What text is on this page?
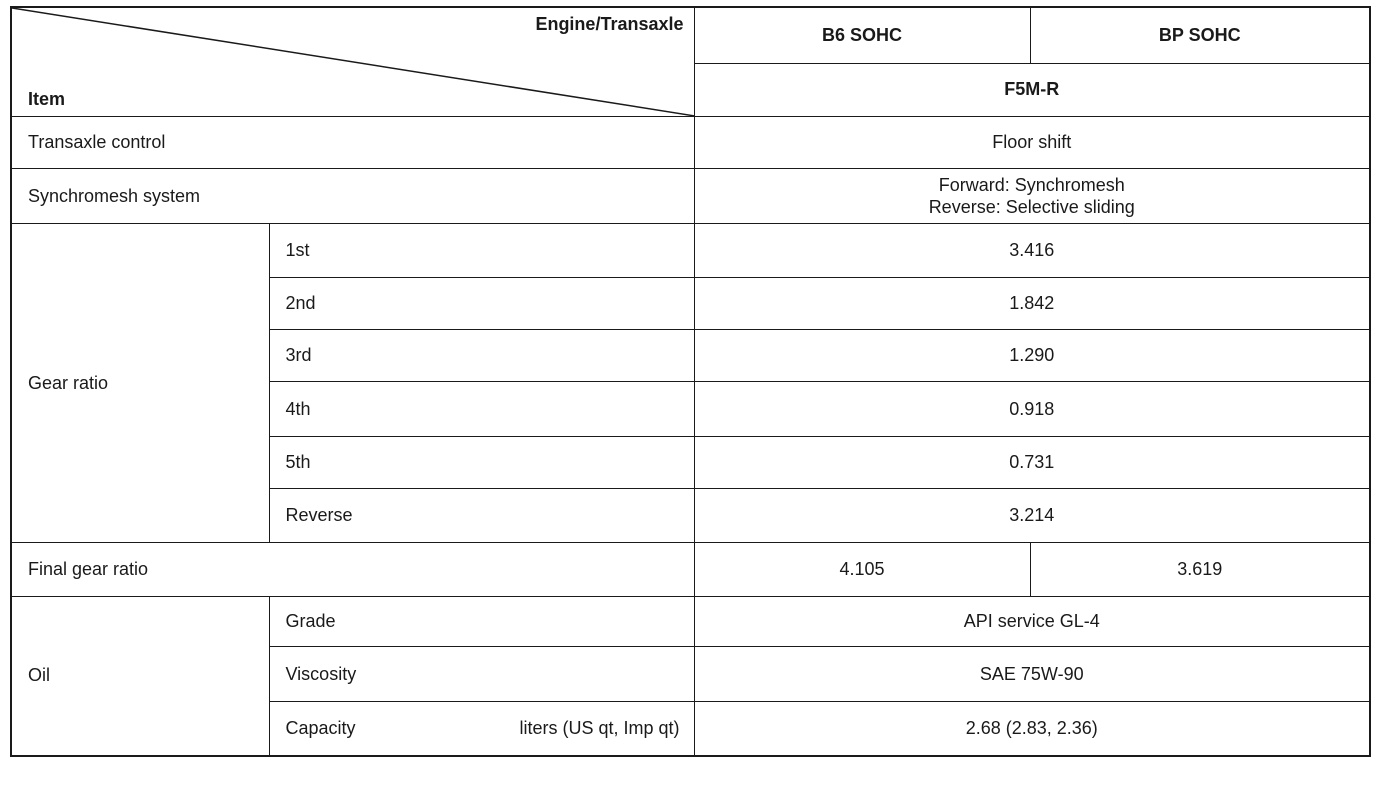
Engine/Transaxle
Item		B6 SOHC	BP SOHC
		F5M-R	
Transaxle control		Floor shift	
Synchromesh system		Forward: Synchromesh
Reverse: Selective sliding	

Gear ratio	1st	3.416	
	2nd	1.842	
	3rd	1.290	
	4th	0.918	
	5th	0.731	
	Reverse	3.214	
Final gear ratio		4.105	3.619
Oil	Grade	API service GL-4	
	Viscosity	SAE 75W-90	

	Capacity liters (US qt, Imp qt)	2.68 (2.83, 2.36)	
